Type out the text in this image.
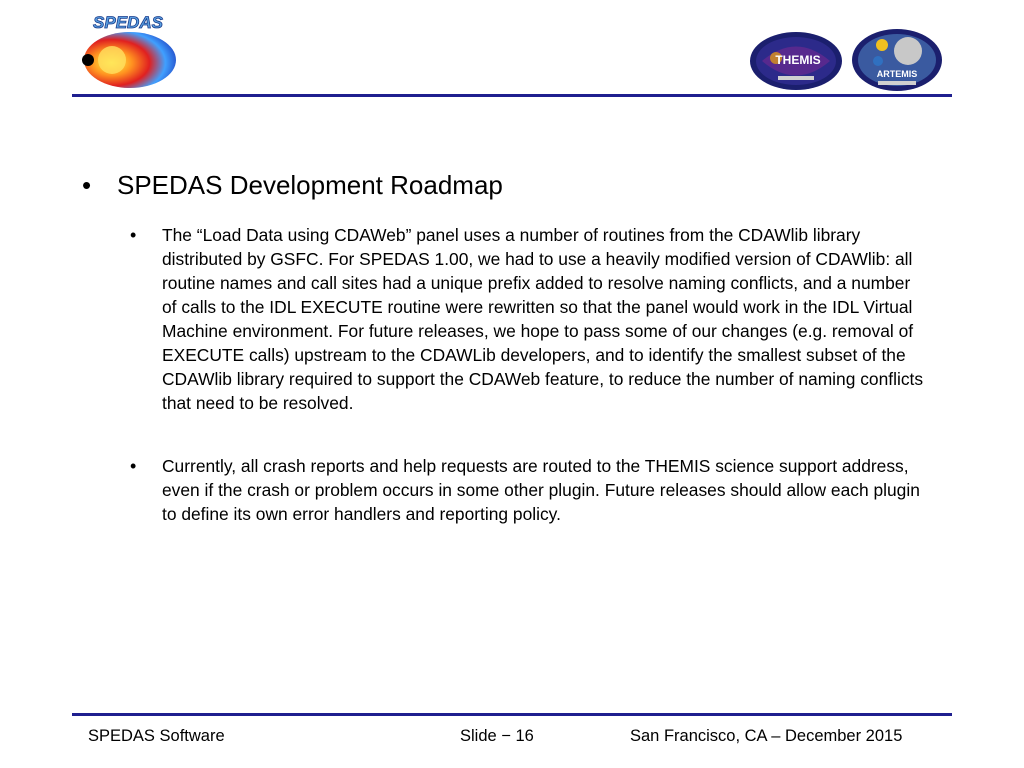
SPEDAS
THEMIS
ARTEMIS
• SPEDAS Development Roadmap
• The “Load Data using CDAWeb” panel uses a number of routines from the CDAWlib library distributed by GSFC. For SPEDAS 1.00, we had to use a heavily modified version of CDAWlib: all routine names and call sites had a unique prefix added to resolve naming conflicts, and a number of calls to the IDL EXECUTE routine were rewritten so that the panel would work in the IDL Virtual Machine environment. For future releases, we hope to pass some of our changes (e.g. removal of EXECUTE calls) upstream to the CDAWLib developers, and to identify the smallest subset of the CDAWlib library required to support the CDAWeb feature, to reduce the number of naming conflicts that need to be resolved.

• Currently, all crash reports and help requests are routed to the THEMIS science support address, even if the crash or problem occurs in some other plugin. Future releases should allow each plugin to define its own error handlers and reporting policy.

SPEDAS Software	Slide − 16	San Francisco, CA – December 2015
